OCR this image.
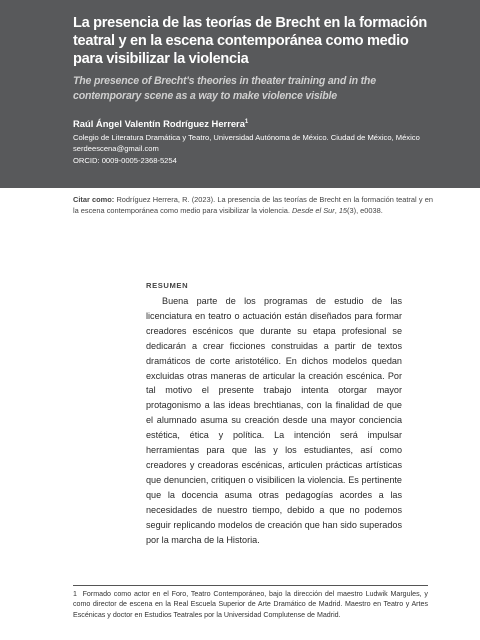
La presencia de las teorías de Brecht en la formación teatral y en la escena contemporánea como medio para visibilizar la violencia
The presence of Brecht's theories in theater training and in the contemporary scene as a way to make violence visible
Raúl Ángel Valentín Rodríguez Herrera$^1$
Colegio de Literatura Dramática y Teatro, Universidad Autónoma de México. Ciudad de México, México
serdeescena@gmail.com
ORCID: 0009-0005-2368-5254
Citar como: Rodríguez Herrera, R. (2023). La presencia de las teorías de Brecht en la formación teatral y en la escena contemporánea como medio para visibilizar la violencia. Desde el Sur, 15(3), e0038.
RESUMEN

Buena parte de los programas de estudio de las licenciatura en teatro o actuación están diseñados para formar creadores escénicos que durante su etapa profesional se dedicarán a crear ficciones construidas a partir de textos dramáticos de corte aristotélico. En dichos modelos quedan excluidas otras maneras de articular la creación escénica. Por tal motivo el presente trabajo intenta otorgar mayor protagonismo a las ideas brechtianas, con la finalidad de que el alumnado asuma su creación desde una mayor conciencia estética, ética y política. La intención será impulsar herramientas para que las y los estudiantes, así como creadores y creadoras escénicas, articulen prácticas artísticas que denuncien, critiquen o visibilicen la violencia. Es pertinente que la docencia asuma otras pedagogías acordes a las necesidades de nuestro tiempo, debido a que no podemos seguir replicando modelos de creación que han sido superados por la marcha de la Historia.

1 Formado como actor en el Foro, Teatro Contemporáneo, bajo la dirección del maestro Ludwik Margules, y como director de escena en la Real Escuela Superior de Arte Dramático de Madrid. Maestro en Teatro y Artes Escénicas y doctor en Estudios Teatrales por la Universidad Complutense de Madrid.
